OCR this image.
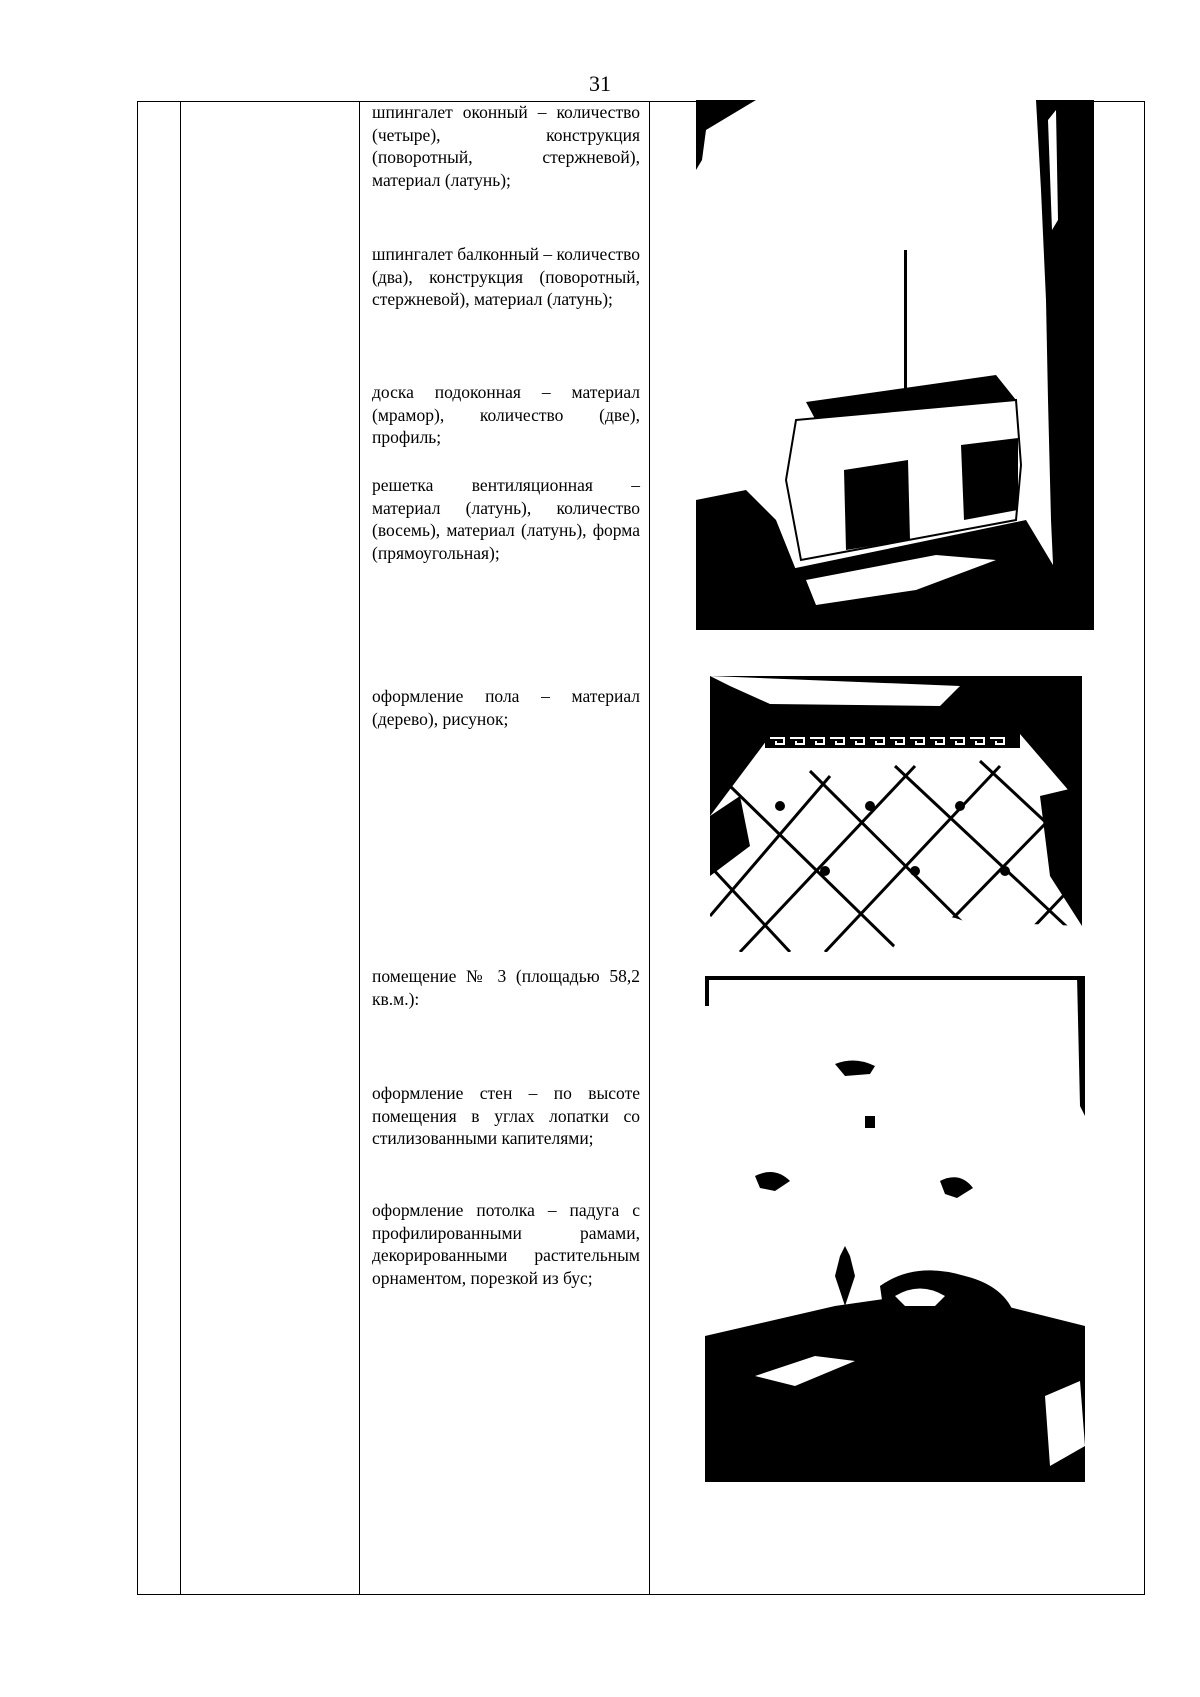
31

шпингалет оконный – количество (четыре), конструкция (поворотный, стержневой), материал (латунь);

шпингалет балконный – количество (два), конструкция (поворотный, стержневой), материал (латунь);

доска подоконная – материал (мрамор), количество (две), профиль;

решетка вентиляционная – материал (латунь), количество (восемь), материал (латунь), форма (прямоугольная);

оформление пола – материал (дерево), рисунок;

помещение № 3 (площадью 58,2 кв.м.):

оформление стен – по высоте помещения в углах лопатки со стилизованными капителями;

оформление потолка – падуга с профилированными рамами, декорированными растительным орнаментом, порезкой из бус;
